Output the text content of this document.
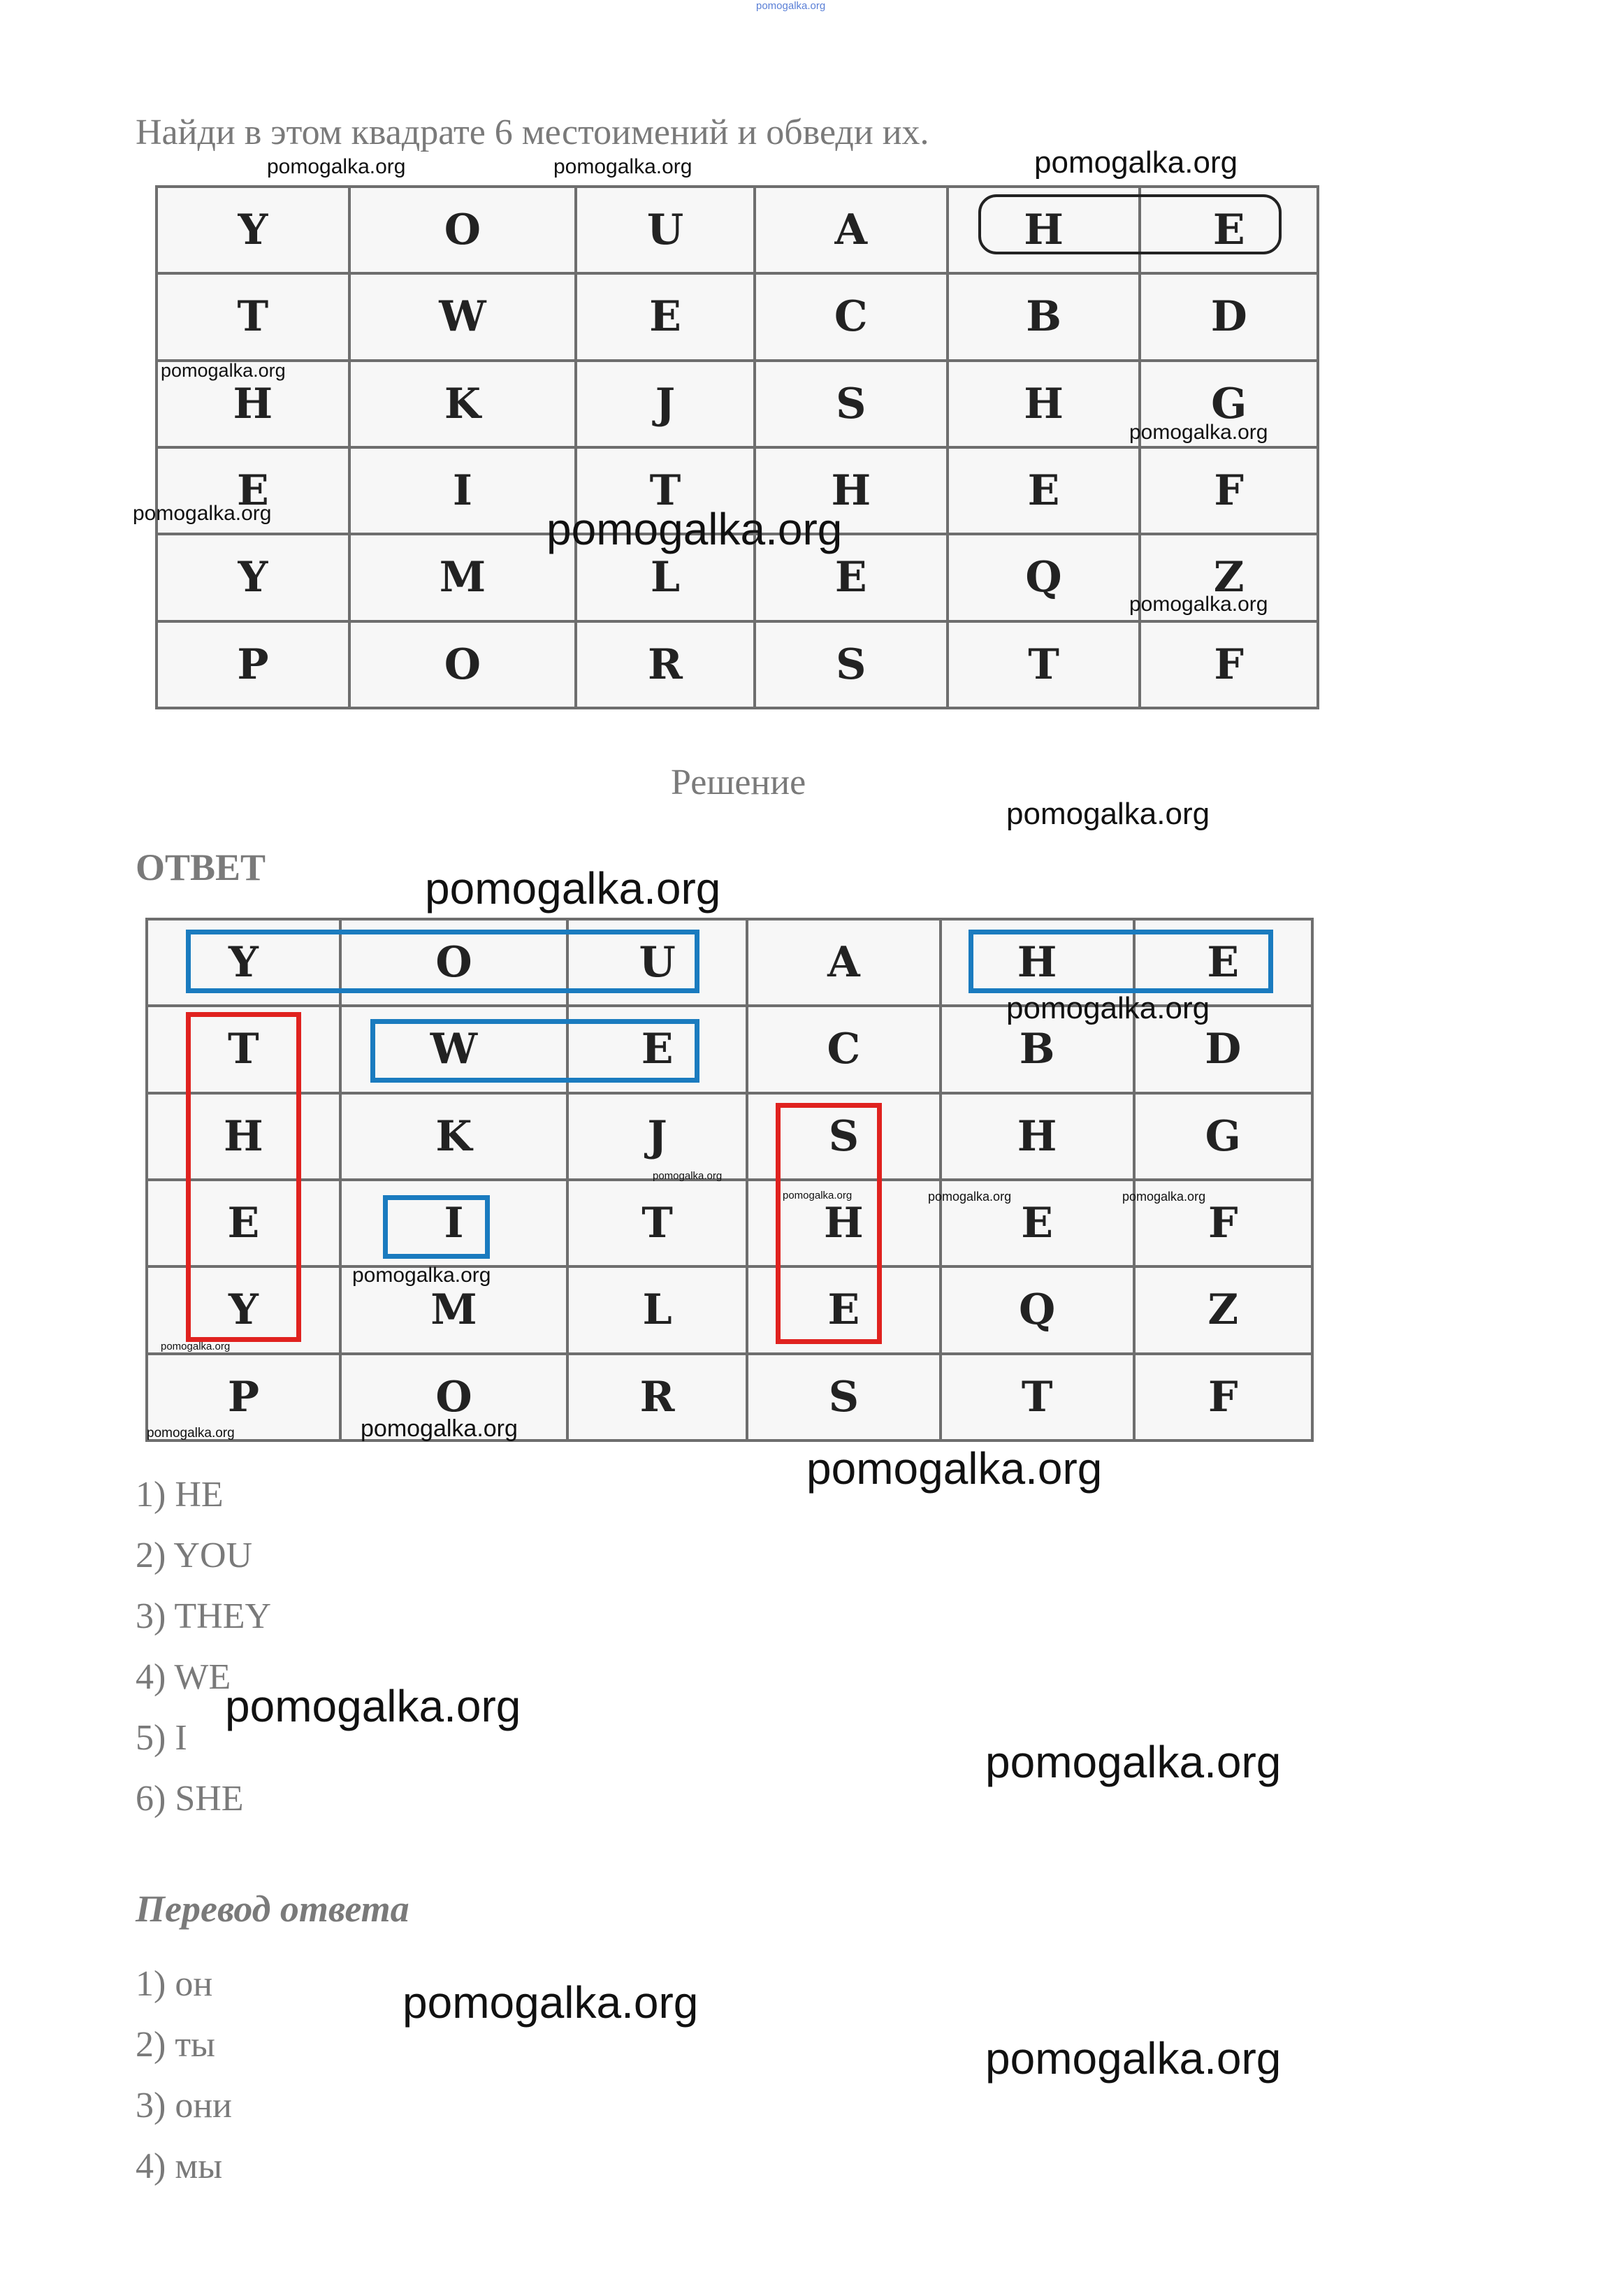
pomogalka.org
Найди в этом квадрате 6 местоимений и обведи их.
Y	O	U	A	H	E
T	W	E	C	B	D
H	K	J	S	H	G
E	I	T	H	E	F
Y	M	L	E	Q	Z
P	O	R	S	T	F
Решение
ОТВЕТ
Y	O	U	A	H	E
T	W	E	C	B	D
H	K	J	S	H	G
E	I	T	H	E	F
Y	M	L	E	Q	Z
P	O	R	S	T	F
1) HE
2) YOU
3) THEY
4) WE
5) I
6) SHE
Перевод ответа
1) он
2) ты
3) они
4) мы
pomogalka.org	pomogalka.org	pomogalka.org
pomogalka.org
pomogalka.org
pomogalka.org	pomogalka.org
pomogalka.org
pomogalka.org
pomogalka.org
pomogalka.org
pomogalka.org
pomogalka.org	pomogalka.org	pomogalka.org
pomogalka.org
pomogalka.org
pomogalka.org	pomogalka.org
pomogalka.org
pomogalka.org
pomogalka.org
pomogalka.org
pomogalka.org
